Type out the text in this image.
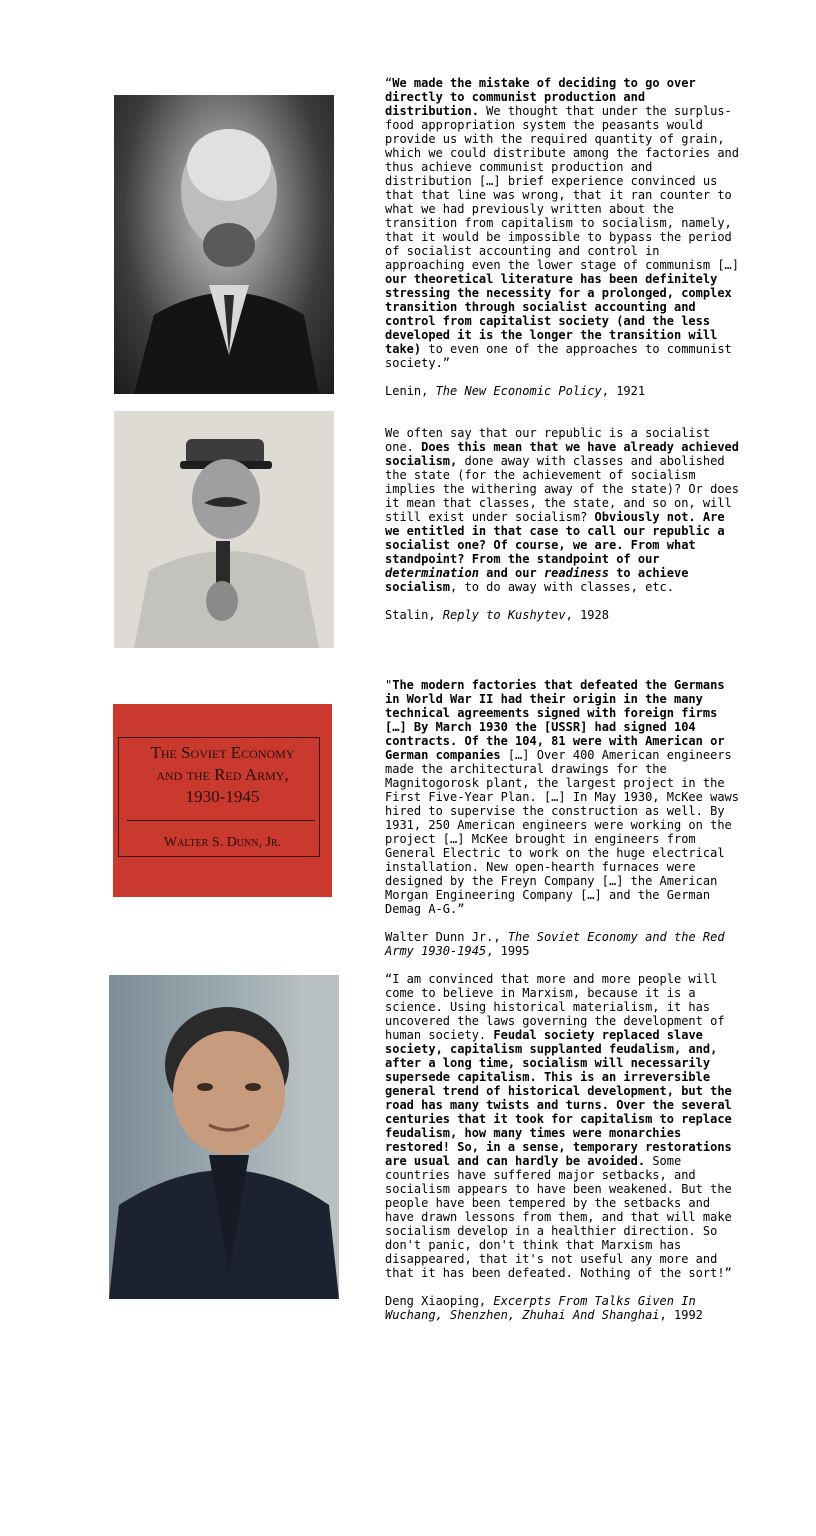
“We made the mistake of deciding to go over directly to communist production and distribution. We thought that under the surplus-food appropriation system the peasants would provide us with the required quantity of grain, which we could distribute among the factories and thus achieve communist production and distribution […] brief experience convinced us that that line was wrong, that it ran counter to what we had previously written about the transition from capitalism to socialism, namely, that it would be impossible to bypass the period of socialist accounting and control in approaching even the lower stage of communism […] our theoretical literature has been definitely stressing the necessity for a prolonged, complex transition through socialist accounting and control from capitalist society (and the less developed it is the longer the transition will take) to even one of the approaches to communist society.”

Lenin, The New Economic Policy, 1921

We often say that our republic is a socialist one. Does this mean that we have already achieved socialism, done away with classes and abolished the state (for the achievement of socialism implies the withering away of the state)? Or does it mean that classes, the state, and so on, will still exist under socialism? Obviously not. Are we entitled in that case to call our republic a socialist one? Of course, we are. From what standpoint? From the standpoint of our determination and our readiness to achieve socialism, to do away with classes, etc.

Stalin, Reply to Kushytev, 1928

The Soviet Economy
and the Red Army,
1930-1945
Walter S. Dunn, Jr.

"The modern factories that defeated the Germans in World War II had their origin in the many technical agreements signed with foreign firms […] By March 1930 the [USSR] had signed 104 contracts. Of the 104, 81 were with American or German companies […] Over 400 American engineers made the architectural drawings for the Magnitogorosk plant, the largest project in the First Five-Year Plan. […] In May 1930, McKee waws hired to supervise the construction as well. By 1931, 250 American engineers were working on the project […] McKee brought in engineers from General Electric to work on the huge electrical installation. New open-hearth furnaces were designed by the Freyn Company […] the American Morgan Engineering Company […] and the German Demag A-G.”

Walter Dunn Jr., The Soviet Economy and the Red Army 1930-1945, 1995

“I am convinced that more and more people will come to believe in Marxism, because it is a science. Using historical materialism, it has uncovered the laws governing the development of human society. Feudal society replaced slave society, capitalism supplanted feudalism, and, after a long time, socialism will necessarily supersede capitalism. This is an irreversible general trend of historical development, but the road has many twists and turns. Over the several centuries that it took for capitalism to replace feudalism, how many times were monarchies restored! So, in a sense, temporary restorations are usual and can hardly be avoided. Some countries have suffered major setbacks, and socialism appears to have been weakened. But the people have been tempered by the setbacks and have drawn lessons from them, and that will make socialism develop in a healthier direction. So don't panic, don't think that Marxism has disappeared, that it's not useful any more and that it has been defeated. Nothing of the sort!”

Deng Xiaoping, Excerpts From Talks Given In Wuchang, Shenzhen, Zhuhai And Shanghai, 1992
